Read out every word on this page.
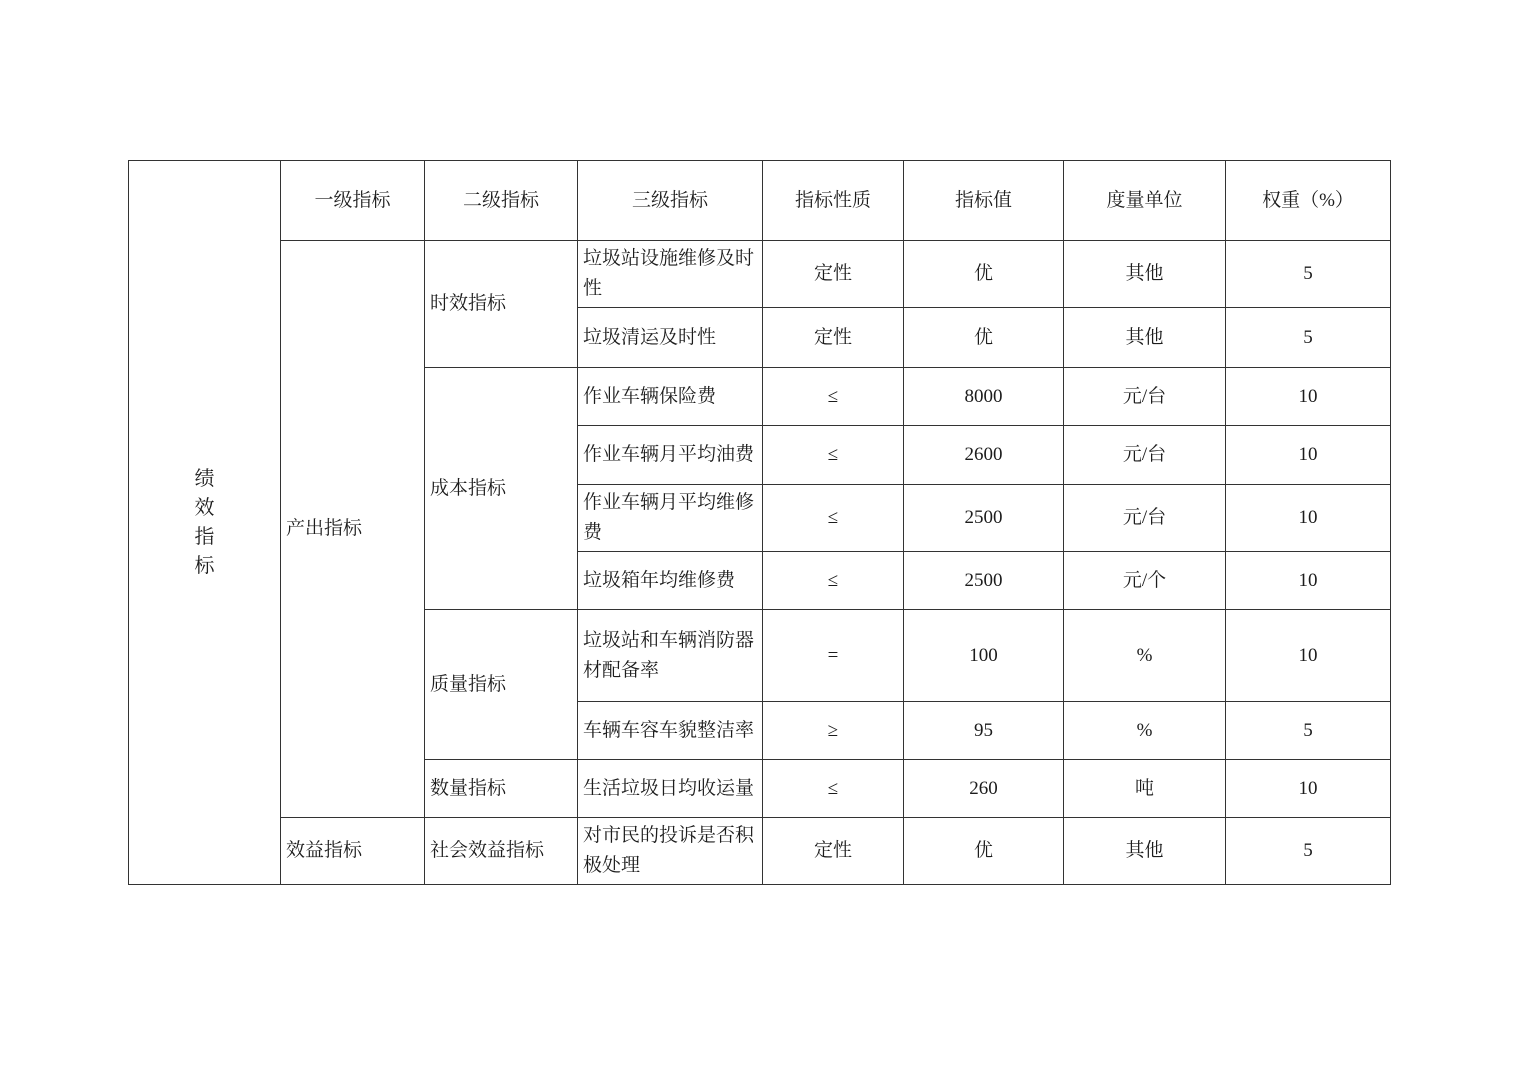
绩效指标	一级指标	二级指标	三级指标	指标性质	指标值	度量单位	权重（%）
	产出指标	时效指标	垃圾站设施维修及时性	定性	优	其他	5
			垃圾清运及时性	定性	优	其他	5
		成本指标	作业车辆保险费	≤	8000	元/台	10
			作业车辆月平均油费	≤	2600	元/台	10
			作业车辆月平均维修费	≤	2500	元/台	10
			垃圾箱年均维修费	≤	2500	元/个	10
		质量指标	垃圾站和车辆消防器材配备率	=	100	%	10
			车辆车容车貌整洁率	≥	95	%	5
		数量指标	生活垃圾日均收运量	≤	260	吨	10
	效益指标	社会效益指标	对市民的投诉是否积极处理	定性	优	其他	5
